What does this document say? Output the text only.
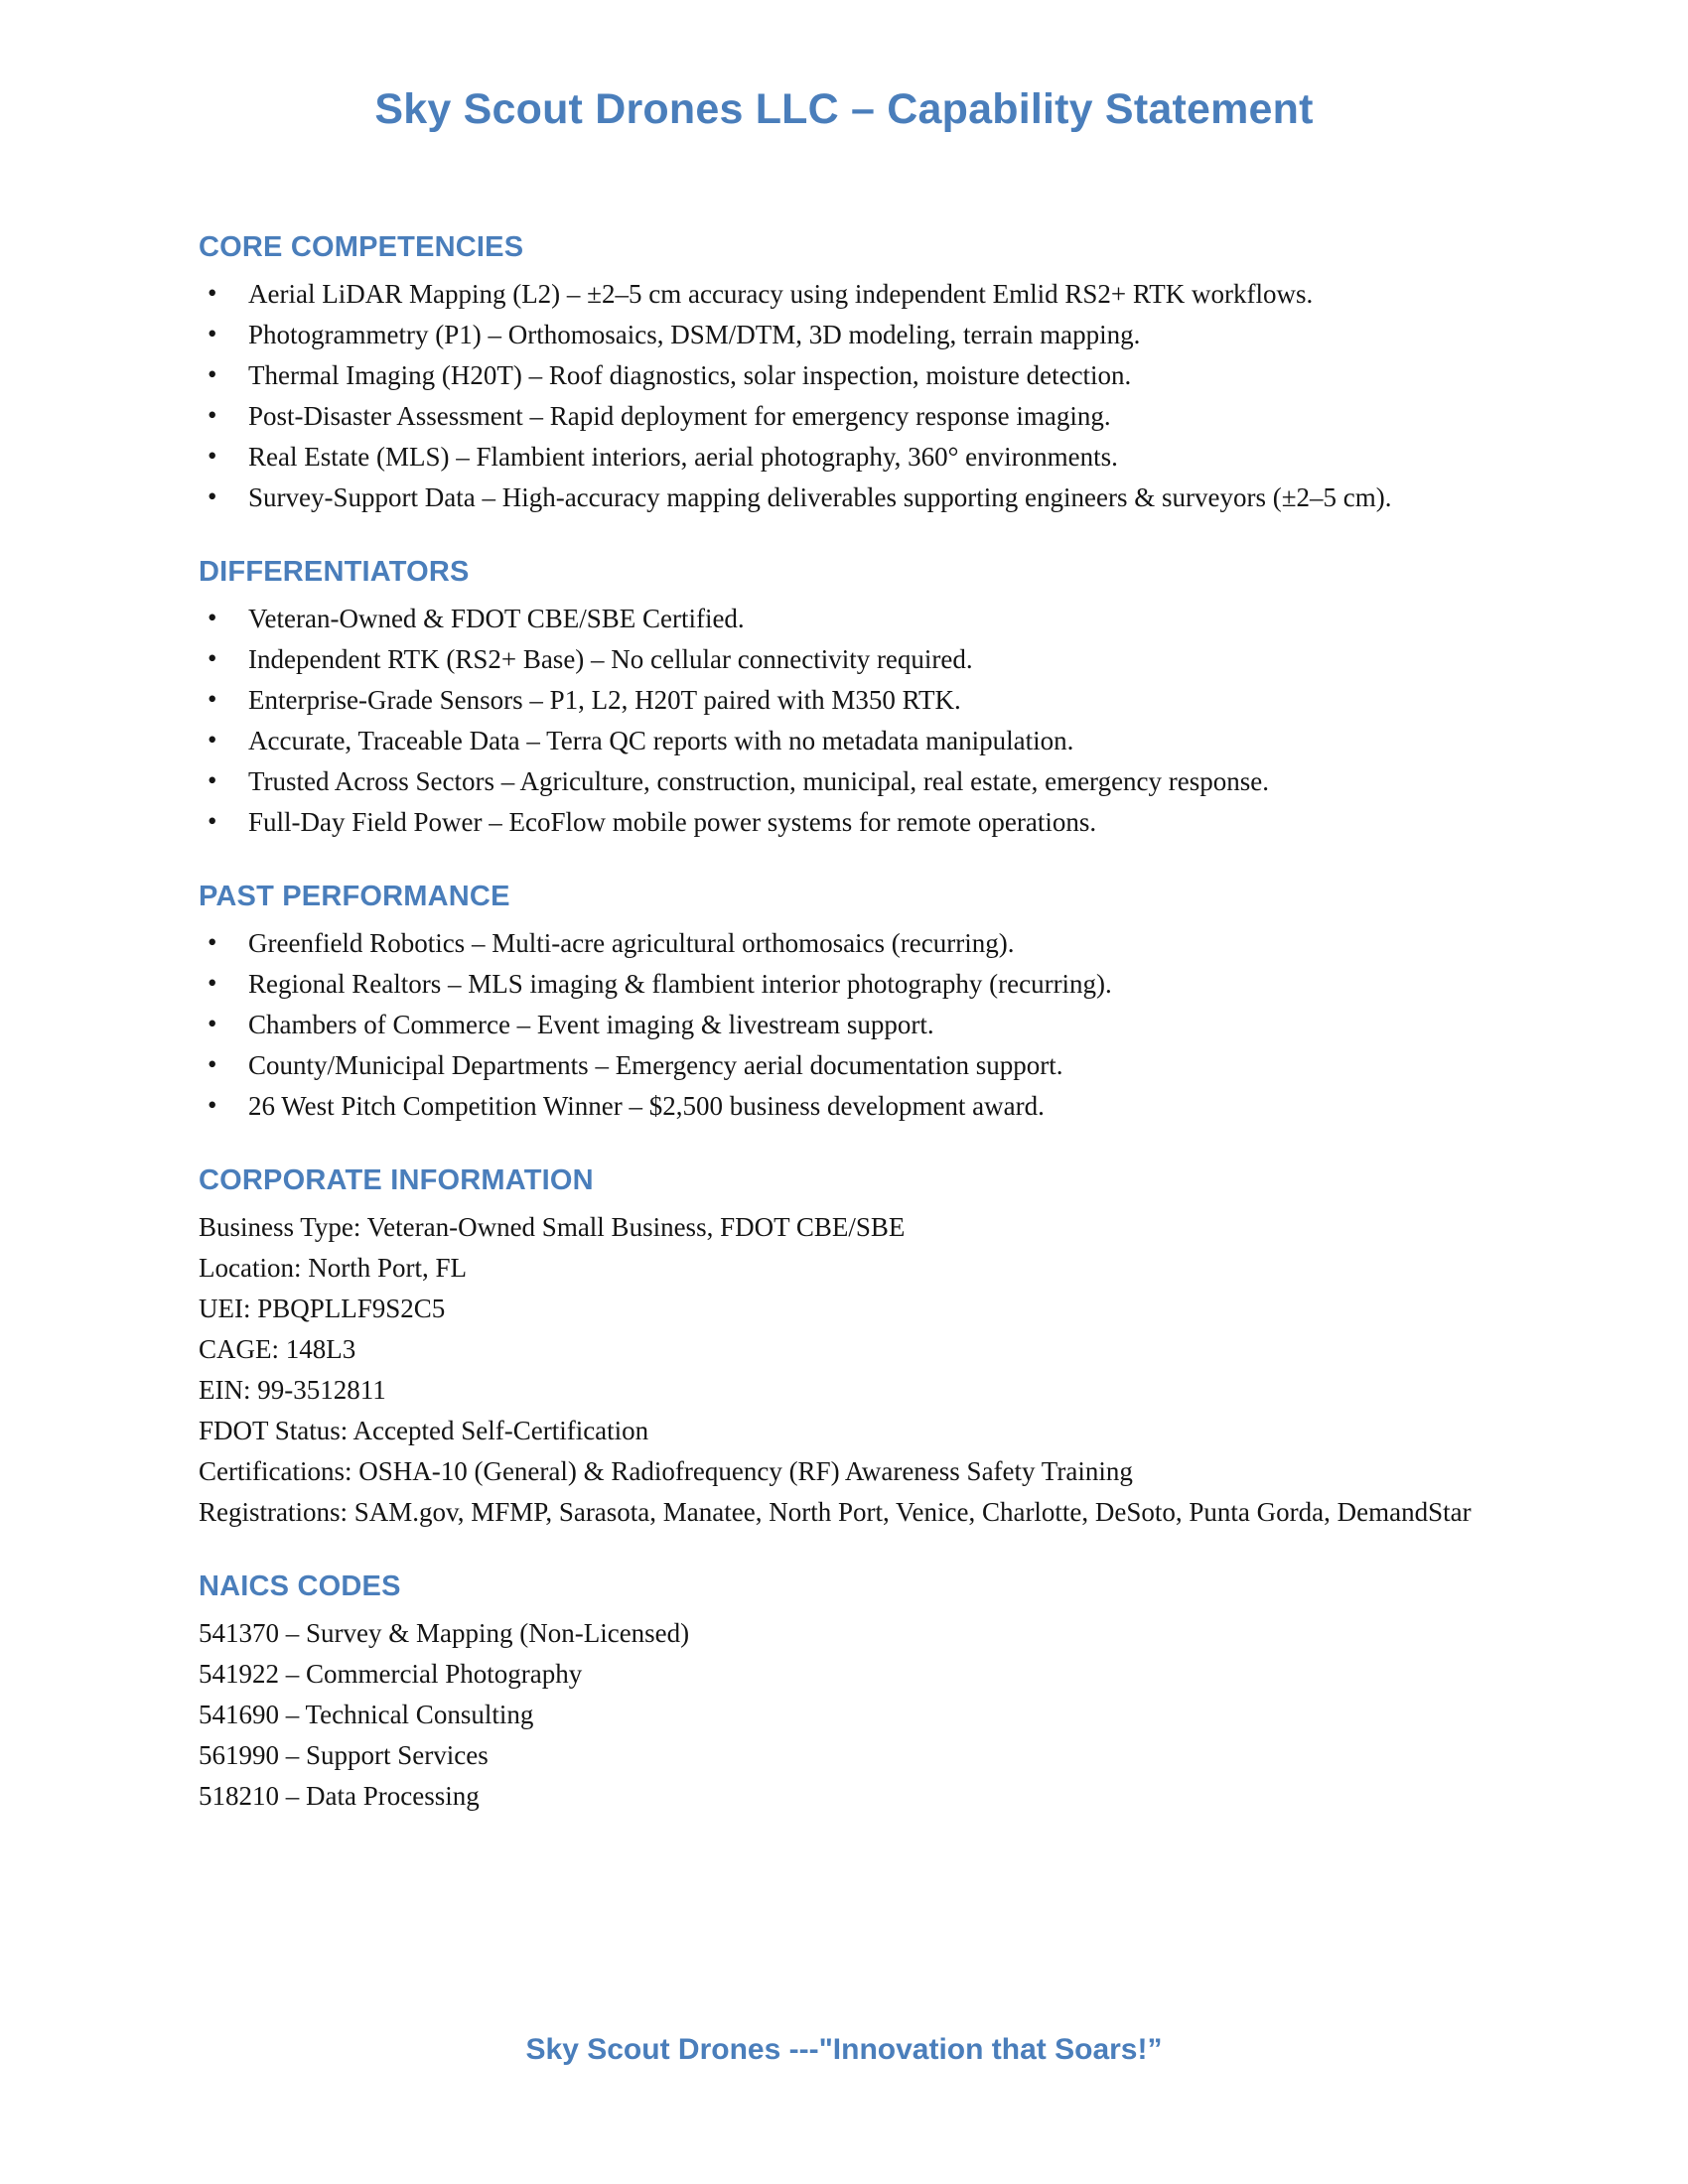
Sky Scout Drones LLC – Capability Statement
CORE COMPETENCIES
• Aerial LiDAR Mapping (L2) – ±2–5 cm accuracy using independent Emlid RS2+ RTK workflows.
• Photogrammetry (P1) – Orthomosaics, DSM/DTM, 3D modeling, terrain mapping.
• Thermal Imaging (H20T) – Roof diagnostics, solar inspection, moisture detection.
• Post-Disaster Assessment – Rapid deployment for emergency response imaging.
• Real Estate (MLS) – Flambient interiors, aerial photography, 360° environments.
• Survey-Support Data – High-accuracy mapping deliverables supporting engineers & surveyors (±2–5 cm).
DIFFERENTIATORS
• Veteran-Owned & FDOT CBE/SBE Certified.
• Independent RTK (RS2+ Base) – No cellular connectivity required.
• Enterprise-Grade Sensors – P1, L2, H20T paired with M350 RTK.
• Accurate, Traceable Data – Terra QC reports with no metadata manipulation.
• Trusted Across Sectors – Agriculture, construction, municipal, real estate, emergency response.
• Full-Day Field Power – EcoFlow mobile power systems for remote operations.
PAST PERFORMANCE
• Greenfield Robotics – Multi-acre agricultural orthomosaics (recurring).
• Regional Realtors – MLS imaging & flambient interior photography (recurring).
• Chambers of Commerce – Event imaging & livestream support.
• County/Municipal Departments – Emergency aerial documentation support.
• 26 West Pitch Competition Winner – $2,500 business development award.
CORPORATE INFORMATION

Business Type: Veteran-Owned Small Business, FDOT CBE/SBE

Location: North Port, FL

UEI: PBQPLLF9S2C5

CAGE: 148L3

EIN: 99-3512811

FDOT Status: Accepted Self-Certification

Certifications: OSHA-10 (General) & Radiofrequency (RF) Awareness Safety Training

Registrations: SAM.gov, MFMP, Sarasota, Manatee, North Port, Venice, Charlotte, DeSoto, Punta Gorda, DemandStar

NAICS CODES

541370 – Survey & Mapping (Non-Licensed)

541922 – Commercial Photography

541690 – Technical Consulting

561990 – Support Services

518210 – Data Processing

Sky Scout Drones ---"Innovation that Soars!”
